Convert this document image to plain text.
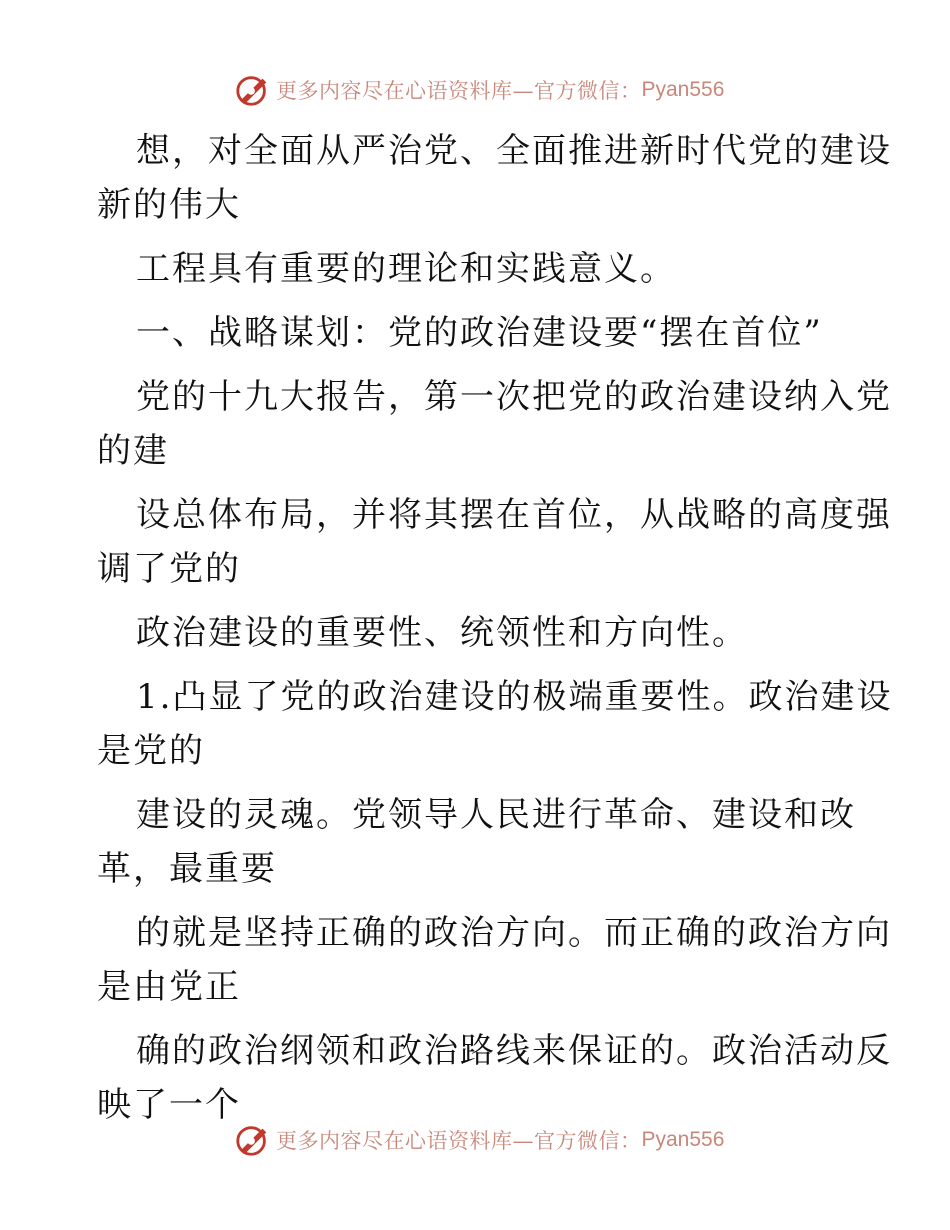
更多内容尽在心语资料库—官方微信： Pyan556
想，对全面从严治党、全面推进新时代党的建设
新的伟大
工程具有重要的理论和实践意义。
一、战略谋划：党的政治建设要“摆在首位”
党的十九大报告，第一次把党的政治建设纳入党
的建
设总体布局，并将其摆在首位，从战略的高度强
调了党的
政治建设的重要性、统领性和方向性。
1.凸显了党的政治建设的极端重要性。政治建设
是党的
建设的灵魂。党领导人民进行革命、建设和改
革，最重要
的就是坚持正确的政治方向。而正确的政治方向
是由党正
确的政治纲领和政治路线来保证的。政治活动反
映了一个
更多内容尽在心语资料库—官方微信： Pyan556
